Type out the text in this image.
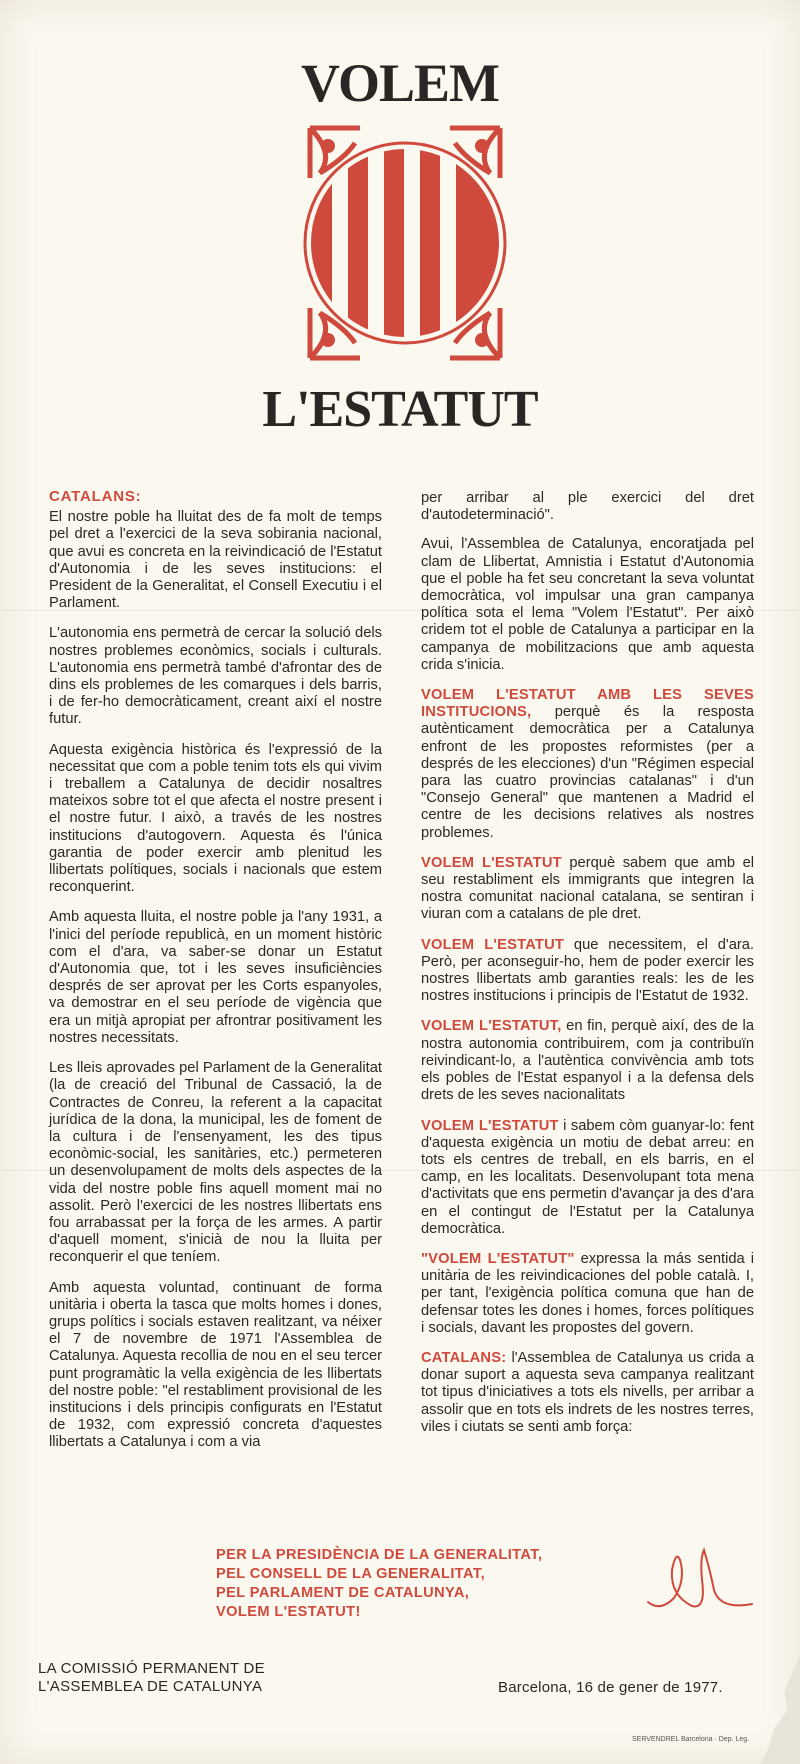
VOLEM
L'ESTATUT
CATALANS:

El nostre poble ha lluitat des de fa molt de temps pel dret a l'exercici de la seva sobirania nacional, que avui es concreta en la reivindicació de l'Estatut d'Autonomia i de les seves institucions: el President de la Generalitat, el Consell Executiu i el Parlament.

L'autonomia ens permetrà de cercar la solució dels nostres problemes econòmics, socials i culturals. L'autonomia ens permetrà també d'afrontar des de dins els problemes de les comarques i dels barris, i de fer-ho democràticament, creant així el nostre futur.

Aquesta exigència històrica és l'expressió de la necessitat que com a poble tenim tots els qui vivim i treballem a Catalunya de decidir nosaltres mateixos sobre tot el que afecta el nostre present i el nostre futur. I això, a través de les nostres institucions d'autogovern. Aquesta és l'única garantia de poder exercir amb plenitud les llibertats polítiques, socials i nacionals que estem reconquerint.

Amb aquesta lluita, el nostre poble ja l'any 1931, a l'inici del període republicà, en un moment històric com el d'ara, va saber-se donar un Estatut d'Autonomia que, tot i les seves insuficiències després de ser aprovat per les Corts espanyoles, va demostrar en el seu període de vigència que era un mitjà apropiat per afrontrar positivament les nostres necessitats.

Les lleis aprovades pel Parlament de la Generalitat (la de creació del Tribunal de Cassació, la de Contractes de Conreu, la referent a la capacitat jurídica de la dona, la municipal, les de foment de la cultura i de l'ensenyament, les des tipus econòmic-social, les sanitàries, etc.) permeteren un desenvolupament de molts dels aspectes de la vida del nostre poble fins aquell moment mai no assolit. Però l'exercici de les nostres llibertats ens fou arrabassat per la força de les armes. A partir d'aquell moment, s'inicià de nou la lluita per reconquerir el que teníem.

Amb aquesta voluntad, continuant de forma unitària i oberta la tasca que molts homes i dones, grups polítics i socials estaven realitzant, va néixer el 7 de novembre de 1971 l'Assemblea de Catalunya. Aquesta recollia de nou en el seu tercer punt programàtic la vella exigència de les llibertats del nostre poble: "el restabliment provisional de les institucions i dels principis configurats en l'Estatut de 1932, com expressió concreta d'aquestes llibertats a Catalunya i com a via

per arribar al ple exercici del dret d'autodeterminació".

Avui, l'Assemblea de Catalunya, encoratjada pel clam de Llibertat, Amnistia i Estatut d'Autonomia que el poble ha fet seu concretant la seva voluntat democràtica, vol impulsar una gran campanya política sota el lema "Volem l'Estatut". Per això cridem tot el poble de Catalunya a participar en la campanya de mobilitzacions que amb aquesta crida s'inicia.

VOLEM L'ESTATUT AMB LES SEVES INSTITUCIONS, perquè és la resposta autènticament democràtica per a Catalunya enfront de les propostes reformistes (per a després de les elecciones) d'un "Régimen especial para las cuatro provincias catalanas" i d'un "Consejo General" que mantenen a Madrid el centre de les decisions relatives als nostres problemes.

VOLEM L'ESTATUT perquè sabem que amb el seu restabliment els immigrants que integren la nostra comunitat nacional catalana, se sentiran i viuran com a catalans de ple dret.

VOLEM L'ESTATUT que necessitem, el d'ara. Però, per aconseguir-ho, hem de poder exercir les nostres llibertats amb garanties reals: les de les nostres institucions i principis de l'Estatut de 1932.

VOLEM L'ESTATUT, en fin, perquè així, des de la nostra autonomia contribuirem, com ja contribuïn reivindicant-lo, a l'autèntica convivència amb tots els pobles de l'Estat espanyol i a la defensa dels drets de les seves nacionalitats

VOLEM L'ESTATUT i sabem còm guanyar-lo: fent d'aquesta exigència un motiu de debat arreu: en tots els centres de treball, en els barris, en el camp, en les localitats. Desenvolupant tota mena d'activitats que ens permetin d'avançar ja des d'ara en el contingut de l'Estatut per la Catalunya democràtica.

"VOLEM L'ESTATUT" expressa la más sentida i unitària de les reivindicaciones del poble català. I, per tant, l'exigència política comuna que han de defensar totes les dones i homes, forces polítiques i socials, davant les propostes del govern.

CATALANS: l'Assemblea de Catalunya us crida a donar suport a aquesta seva campanya realitzant tot tipus d'iniciatives a tots els nivells, per arribar a assolir que en tots els indrets de les nostres terres, viles i ciutats se senti amb força:

PER LA PRESIDÈNCIA DE LA GENERALITAT,
PEL CONSELL DE LA GENERALITAT,
PEL PARLAMENT DE CATALUNYA,
VOLEM L'ESTATUT!
LA COMISSIÓ PERMANENT DE
L'ASSEMBLEA DE CATALUNYA	Barcelona, 16 de gener de 1977.
SERVENDREL Barcelona · Dep. Leg.
